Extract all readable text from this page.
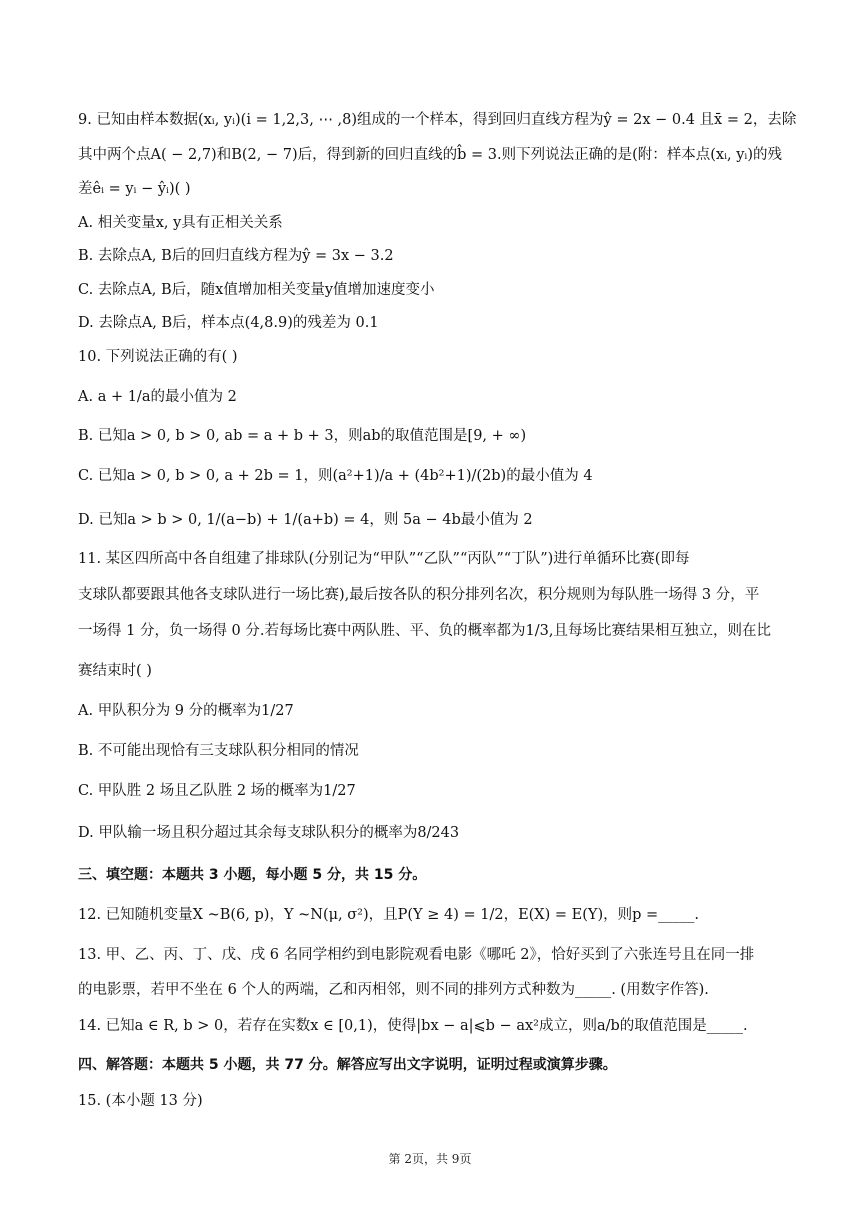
9. 已知由样本数据(xᵢ, yᵢ)(i = 1,2,3, ⋯ ,8)组成的一个样本，得到回归直线方程为ŷ = 2x − 0.4 且x̄ = 2，去除
其中两个点A( − 2,7)和B(2, − 7)后，得到新的回归直线的b̂ = 3.则下列说法正确的是(附：样本点(xᵢ, yᵢ)的残
差êᵢ = yᵢ − ŷᵢ)( )
A. 相关变量x, y具有正相关关系
B. 去除点A, B后的回归直线方程为ŷ = 3x − 3.2
C. 去除点A, B后，随x值增加相关变量y值增加速度变小
D. 去除点A, B后，样本点(4,8.9)的残差为 0.1
10. 下列说法正确的有( )
A. a + 1/a的最小值为 2
B. 已知a > 0, b > 0, ab = a + b + 3，则ab的取值范围是[9, + ∞)
C. 已知a > 0, b > 0, a + 2b = 1，则(a²+1)/a + (4b²+1)/(2b)的最小值为 4
D. 已知a > b > 0, 1/(a−b) + 1/(a+b) = 4，则 5a − 4b最小值为 2
11. 某区四所高中各自组建了排球队(分别记为“甲队”“乙队”“丙队”“丁队”)进行单循环比赛(即每
支球队都要跟其他各支球队进行一场比赛),最后按各队的积分排列名次，积分规则为每队胜一场得 3 分，平
一场得 1 分，负一场得 0 分.若每场比赛中两队胜、平、负的概率都为1/3,且每场比赛结果相互独立，则在比
赛结束时( )
A. 甲队积分为 9 分的概率为1/27
B. 不可能出现恰有三支球队积分相同的情况
C. 甲队胜 2 场且乙队胜 2 场的概率为1/27
D. 甲队输一场且积分超过其余每支球队积分的概率为8/243
三、填空题：本题共 3 小题，每小题 5 分，共 15 分。
12. 已知随机变量X ~B(6, p)，Y ~N(μ, σ²)，且P(Y ≥ 4) = 1/2，E(X) = E(Y)，则p =_____.
13. 甲、乙、丙、丁、戊、戌 6 名同学相约到电影院观看电影《哪吒 2》，恰好买到了六张连号且在同一排
的电影票，若甲不坐在 6 个人的两端，乙和丙相邻，则不同的排列方式种数为_____. (用数字作答).
14. 已知a ∈ R, b > 0，若存在实数x ∈ [0,1)，使得|bx − a|⩽b − ax²成立，则a/b的取值范围是_____.
四、解答题：本题共 5 小题，共 77 分。解答应写出文字说明，证明过程或演算步骤。
15. (本小题 13 分)
第 2页，共 9页
